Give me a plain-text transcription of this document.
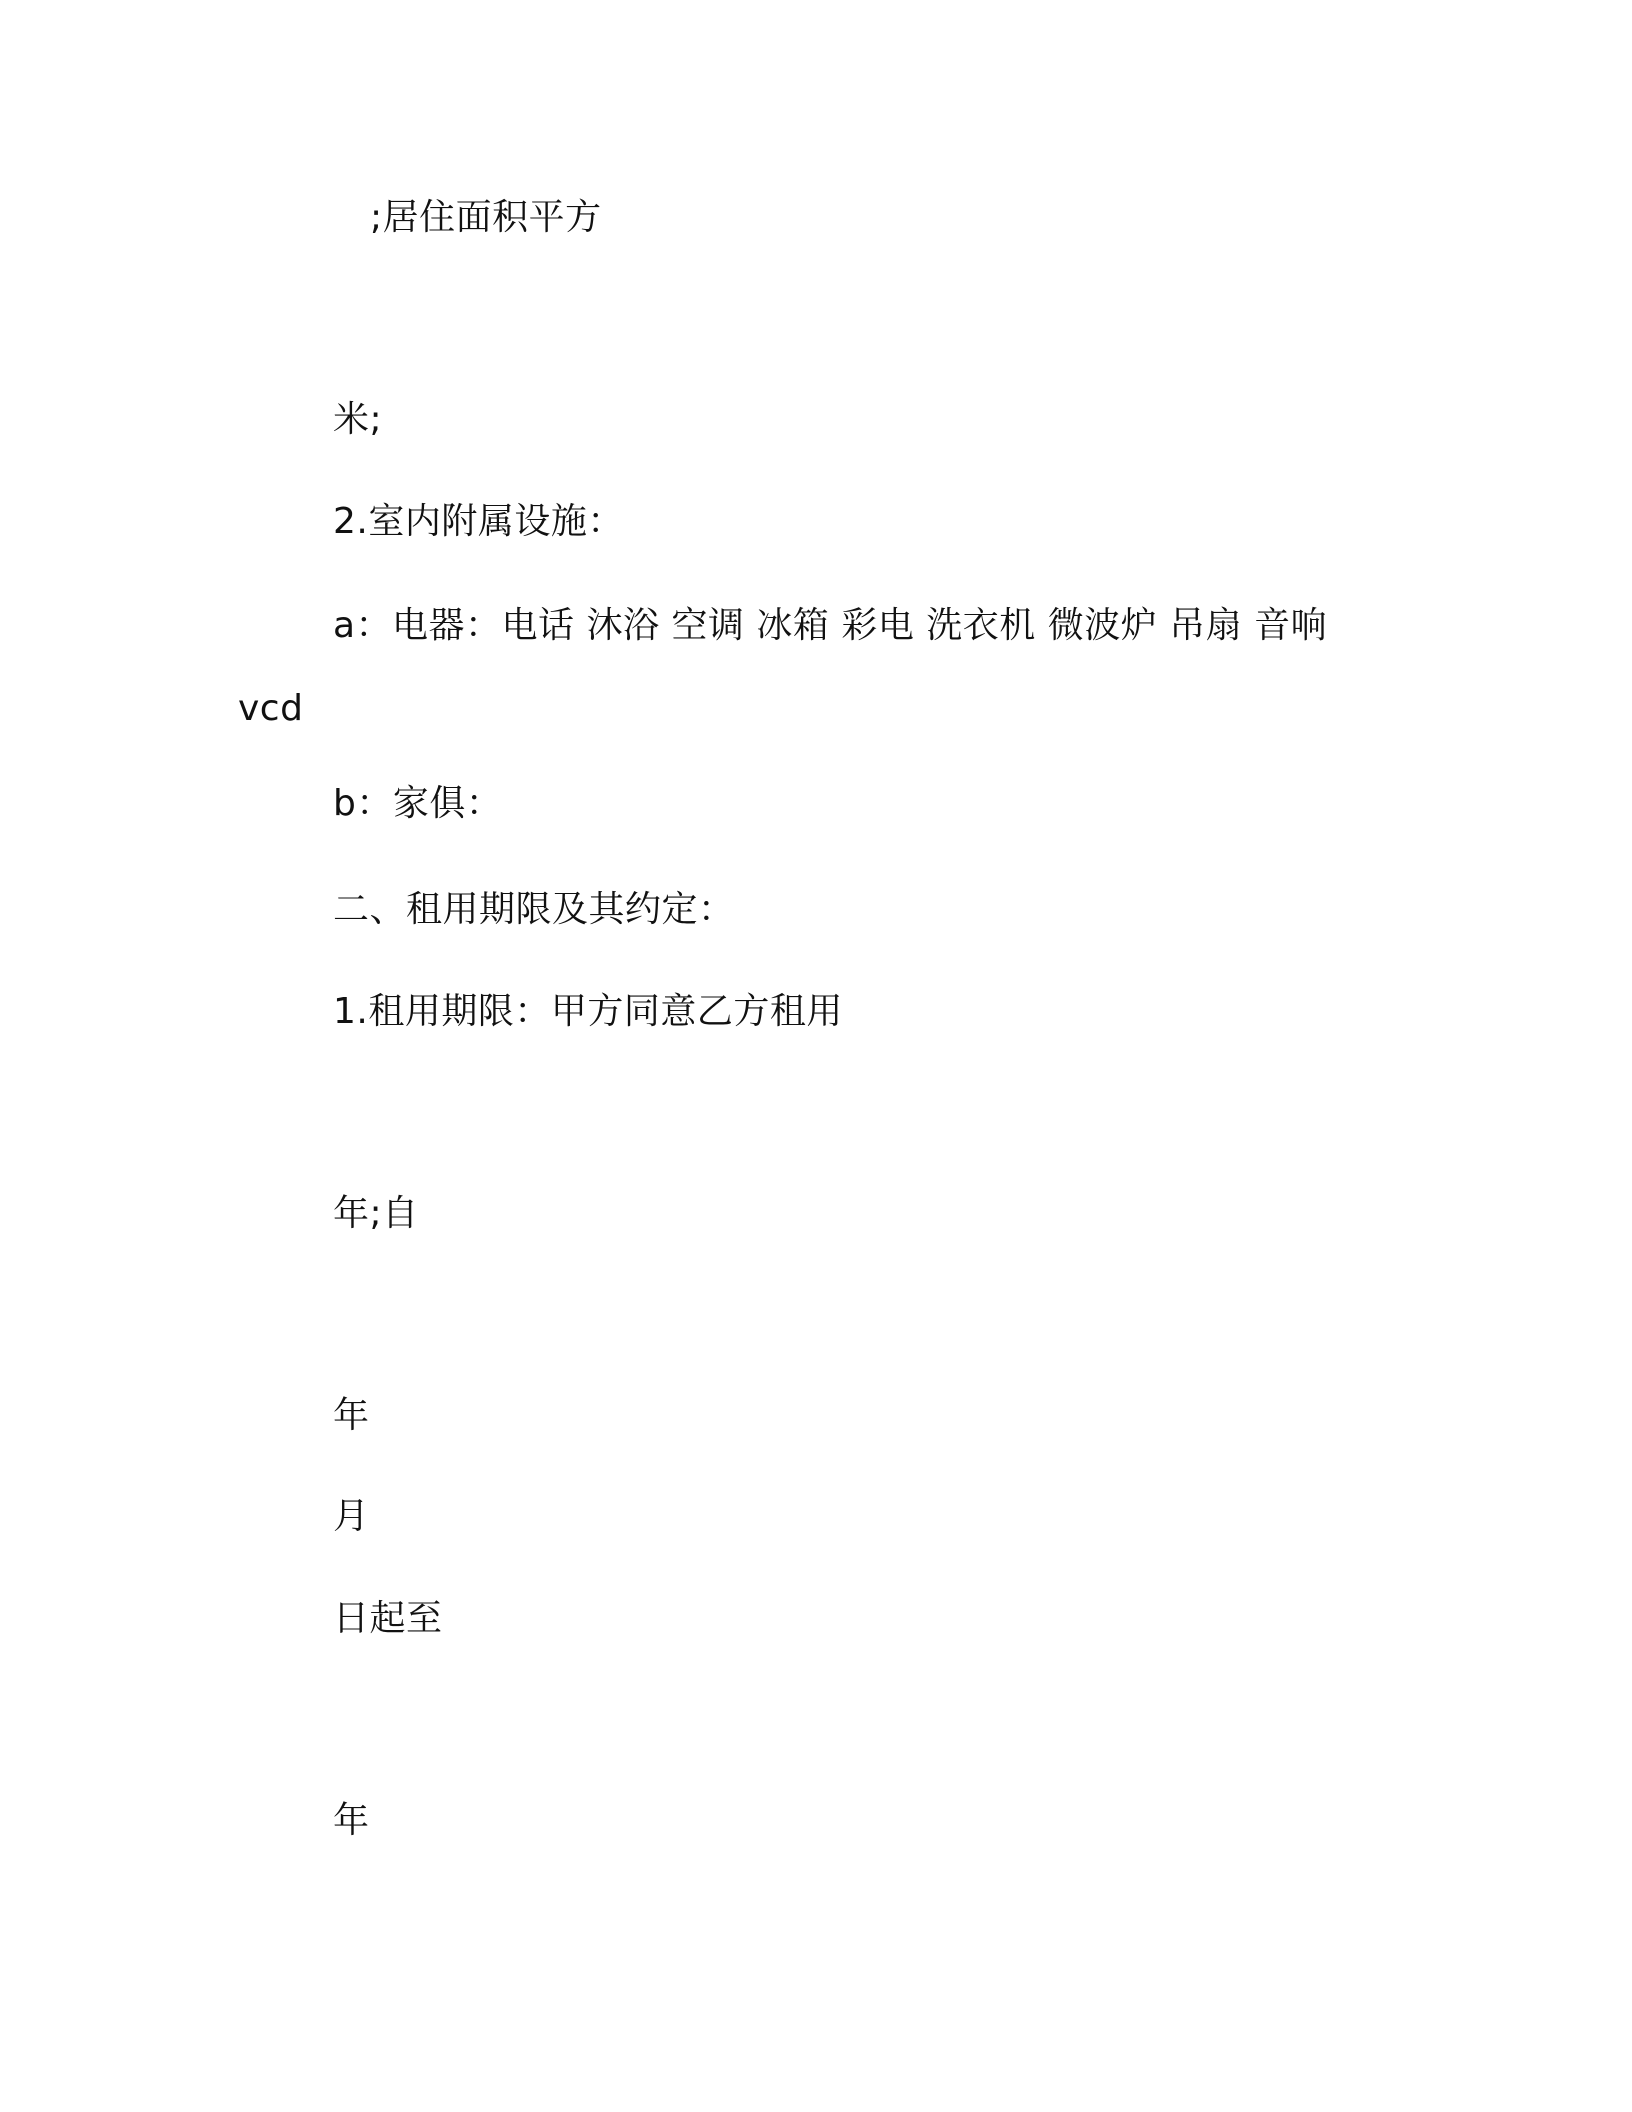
;居住面积平方
米;
2.室内附属设施：
a：电器：电话 沐浴 空调 冰箱 彩电 洗衣机 微波炉 吊扇 音响
vcd
b：家俱：
二、租用期限及其约定：
1.租用期限：甲方同意乙方租用
年;自
年
月
日起至
年
